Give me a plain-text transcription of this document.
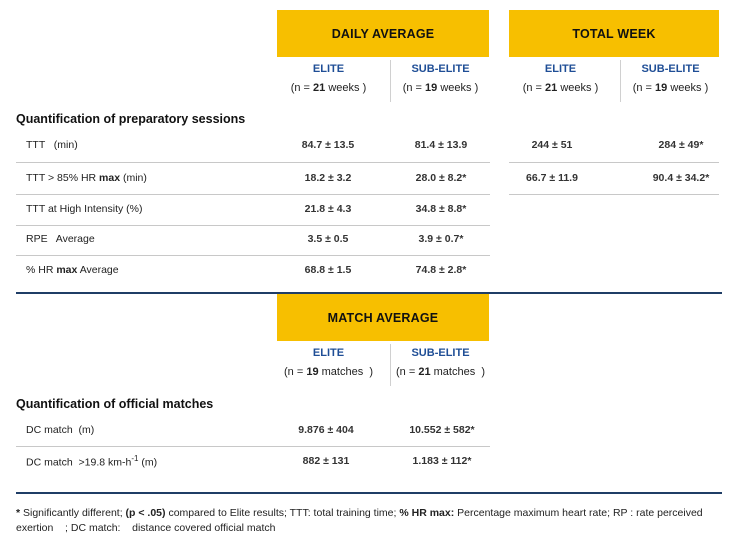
DAILY AVERAGE	TOTAL WEEK
ELITE
(n = 21 weeks )
SUB-ELITE
(n = 19 weeks )
ELITE
(n = 21 weeks )
SUB-ELITE
(n = 19 weeks )
Quantification of preparatory sessions
TTT   (min)	84.7 ± 13.5	81.4 ± 13.9	244 ± 51	284 ± 49*
TTT > 85% HR max (min)	18.2 ± 3.2	28.0 ± 8.2*	66.7 ± 11.9	90.4 ± 34.2*
TTT at High Intensity (%)	21.8 ± 4.3	34.8 ± 8.8*
RPE   Average	3.5 ± 0.5	3.9 ± 0.7*
% HR max Average	68.8 ± 1.5	74.8 ± 2.8*
MATCH AVERAGE
ELITE
(n = 19 matches  )
SUB-ELITE
(n = 21 matches  )
Quantification of official matches
DC match  (m)	9.876 ± 404	10.552 ± 582*
DC match  >19.8 $km-h^{-1}$ (m)	882 ± 131	1.183 ± 112*
* Significantly different; (p < .05) compared to Elite results; TTT: total training time; % HR max: Percentage maximum heart rate; RP : rate perceived exertion    ; DC match:    distance covered official match
